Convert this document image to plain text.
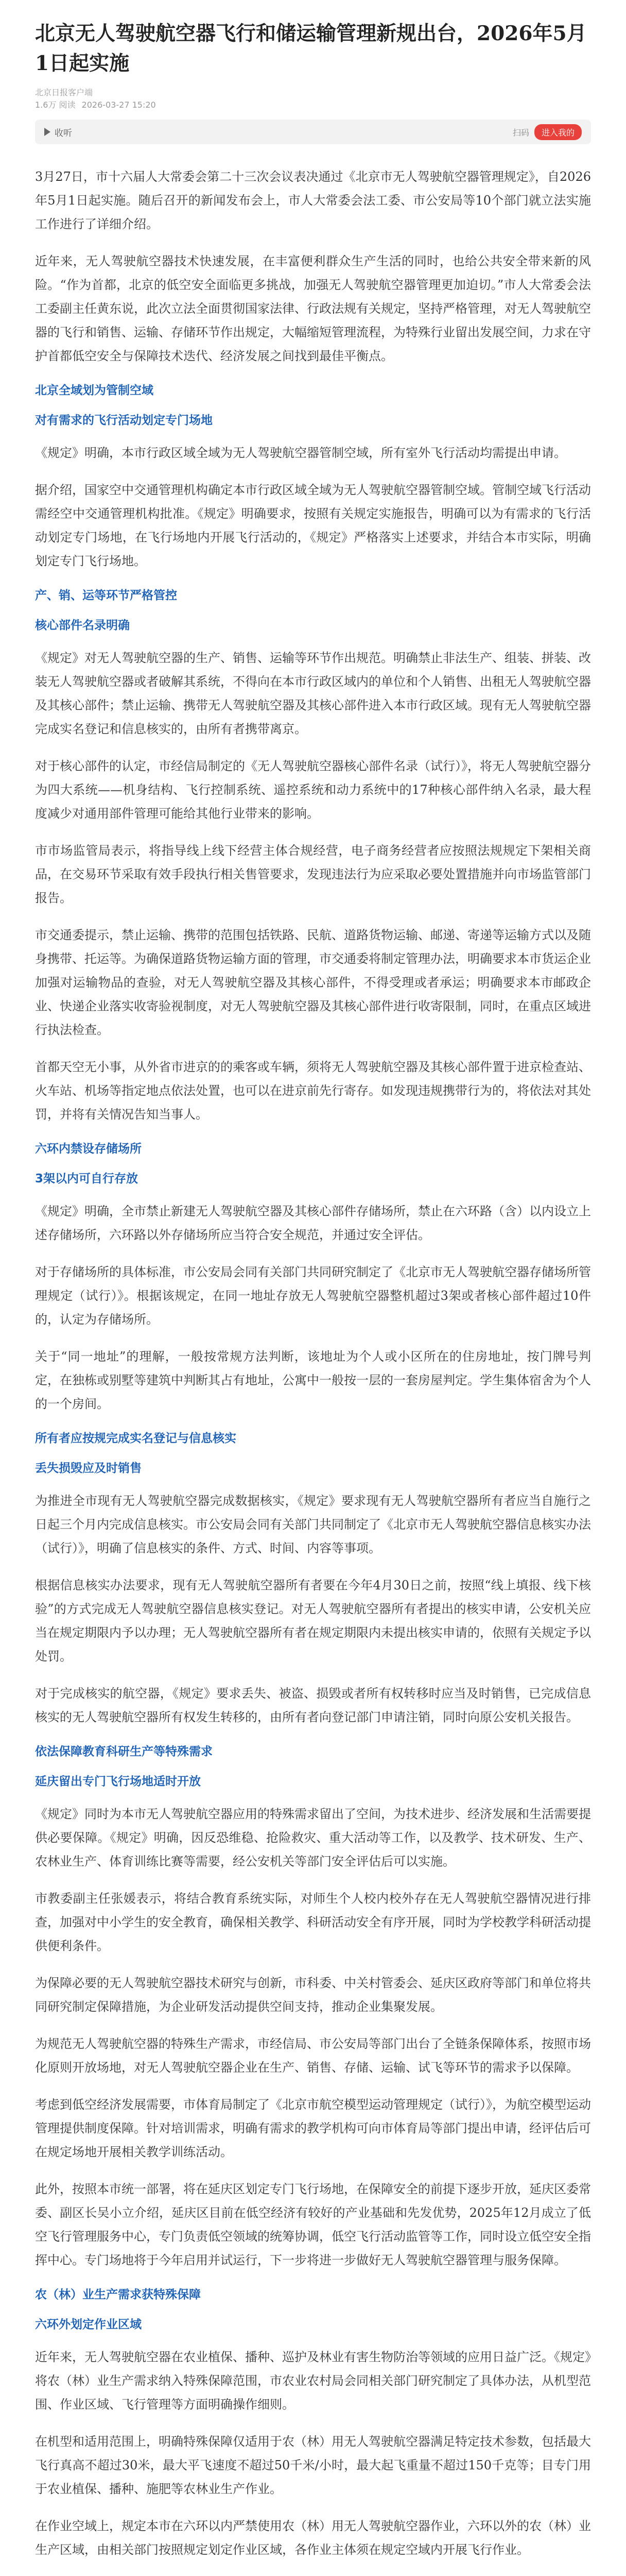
北京无人驾驶航空器飞行和储运输管理新规出台，2026年5月1日起实施
北京日报客户端
1.6万 阅读 2026-03-27 15:20
收听	扫码	进入我的

3月27日，市十六届人大常委会第二十三次会议表决通过《北京市无人驾驶航空器管理规定》，自2026年5月1日起实施。随后召开的新闻发布会上，市人大常委会法工委、市公安局等10个部门就立法实施工作进行了详细介绍。

近年来，无人驾驶航空器技术快速发展，在丰富便利群众生产生活的同时，也给公共安全带来新的风险。“作为首都，北京的低空安全面临更多挑战，加强无人驾驶航空器管理更加迫切。”市人大常委会法工委副主任黄东说，此次立法全面贯彻国家法律、行政法规有关规定，坚持严格管理，对无人驾驶航空器的飞行和销售、运输、存储环节作出规定，大幅缩短管理流程，为特殊行业留出发展空间，力求在守护首都低空安全与保障技术迭代、经济发展之间找到最佳平衡点。

北京全域划为管制空域
对有需求的飞行活动划定专门场地

《规定》明确，本市行政区域全域为无人驾驶航空器管制空域，所有室外飞行活动均需提出申请。

据介绍，国家空中交通管理机构确定本市行政区域全域为无人驾驶航空器管制空域。管制空域飞行活动需经空中交通管理机构批准。《规定》明确要求，按照有关规定实施报告，明确可以为有需求的飞行活动划定专门场地，在飞行场地内开展飞行活动的，《规定》严格落实上述要求，并结合本市实际，明确划定专门飞行场地。

产、销、运等环节严格管控
核心部件名录明确

《规定》对无人驾驶航空器的生产、销售、运输等环节作出规范。明确禁止非法生产、组装、拼装、改装无人驾驶航空器或者破解其系统，不得向在本市行政区域内的单位和个人销售、出租无人驾驶航空器及其核心部件；禁止运输、携带无人驾驶航空器及其核心部件进入本市行政区域。现有无人驾驶航空器完成实名登记和信息核实的，由所有者携带离京。

对于核心部件的认定，市经信局制定的《无人驾驶航空器核心部件名录（试行）》，将无人驾驶航空器分为四大系统——机身结构、飞行控制系统、遥控系统和动力系统中的17种核心部件纳入名录，最大程度减少对通用部件管理可能给其他行业带来的影响。

市市场监管局表示，将指导线上线下经营主体合规经营，电子商务经营者应按照法规规定下架相关商品，在交易环节采取有效手段执行相关售管要求，发现违法行为应采取必要处置措施并向市场监管部门报告。

市交通委提示，禁止运输、携带的范围包括铁路、民航、道路货物运输、邮递、寄递等运输方式以及随身携带、托运等。为确保道路货物运输方面的管理，市交通委将制定管理办法，明确要求本市货运企业加强对运输物品的查验，对无人驾驶航空器及其核心部件，不得受理或者承运；明确要求本市邮政企业、快递企业落实收寄验视制度，对无人驾驶航空器及其核心部件进行收寄限制，同时，在重点区域进行执法检查。

首都天空无小事，从外省市进京的的乘客或车辆，须将无人驾驶航空器及其核心部件置于进京检查站、火车站、机场等指定地点依法处置，也可以在进京前先行寄存。如发现违规携带行为的，将依法对其处罚，并将有关情况告知当事人。

六环内禁设存储场所
3架以内可自行存放

《规定》明确，全市禁止新建无人驾驶航空器及其核心部件存储场所，禁止在六环路（含）以内设立上述存储场所，六环路以外存储场所应当符合安全规范，并通过安全评估。

对于存储场所的具体标准，市公安局会同有关部门共同研究制定了《北京市无人驾驶航空器存储场所管理规定（试行）》。根据该规定，在同一地址存放无人驾驶航空器整机超过3架或者核心部件超过10件的，认定为存储场所。

关于“同一地址”的理解，一般按常规方法判断，该地址为个人或小区所在的住房地址，按门牌号判定，在独栋或别墅等建筑中判断其占有地址，公寓中一般按一层的一套房屋判定。学生集体宿舍为个人的一个房间。

所有者应按规完成实名登记与信息核实
丢失损毁应及时销售

为推进全市现有无人驾驶航空器完成数据核实，《规定》要求现有无人驾驶航空器所有者应当自施行之日起三个月内完成信息核实。市公安局会同有关部门共同制定了《北京市无人驾驶航空器信息核实办法（试行）》，明确了信息核实的条件、方式、时间、内容等事项。

根据信息核实办法要求，现有无人驾驶航空器所有者要在今年4月30日之前，按照“线上填报、线下核验”的方式完成无人驾驶航空器信息核实登记。对无人驾驶航空器所有者提出的核实申请，公安机关应当在规定期限内予以办理；无人驾驶航空器所有者在规定期限内未提出核实申请的，依照有关规定予以处罚。

对于完成核实的航空器，《规定》要求丢失、被盗、损毁或者所有权转移时应当及时销售，已完成信息核实的无人驾驶航空器所有权发生转移的，由所有者向登记部门申请注销，同时向原公安机关报告。

依法保障教育科研生产等特殊需求
延庆留出专门飞行场地适时开放

《规定》同时为本市无人驾驶航空器应用的特殊需求留出了空间，为技术进步、经济发展和生活需要提供必要保障。《规定》明确，因反恐维稳、抢险救灾、重大活动等工作，以及教学、技术研发、生产、农林业生产、体育训练比赛等需要，经公安机关等部门安全评估后可以实施。

市教委副主任张媛表示，将结合教育系统实际，对师生个人校内校外存在无人驾驶航空器情况进行排查，加强对中小学生的安全教育，确保相关教学、科研活动安全有序开展，同时为学校教学科研活动提供便利条件。

为保障必要的无人驾驶航空器技术研究与创新，市科委、中关村管委会、延庆区政府等部门和单位将共同研究制定保障措施，为企业研发活动提供空间支持，推动企业集聚发展。

为规范无人驾驶航空器的特殊生产需求，市经信局、市公安局等部门出台了全链条保障体系，按照市场化原则开放场地，对无人驾驶航空器企业在生产、销售、存储、运输、试飞等环节的需求予以保障。

考虑到低空经济发展需要，市体育局制定了《北京市航空模型运动管理规定（试行）》，为航空模型运动管理提供制度保障。针对培训需求，明确有需求的教学机构可向市体育局等部门提出申请，经评估后可在规定场地开展相关教学训练活动。

此外，按照本市统一部署，将在延庆区划定专门飞行场地，在保障安全的前提下逐步开放，延庆区委常委、副区长吴小立介绍，延庆区目前在低空经济有较好的产业基础和先发优势，2025年12月成立了低空飞行管理服务中心，专门负责低空领域的统筹协调，低空飞行活动监管等工作，同时设立低空安全指挥中心。专门场地将于今年启用并试运行，下一步将进一步做好无人驾驶航空器管理与服务保障。

农（林）业生产需求获特殊保障
六环外划定作业区域

近年来，无人驾驶航空器在农业植保、播种、巡护及林业有害生物防治等领域的应用日益广泛。《规定》将农（林）业生产需求纳入特殊保障范围，市农业农村局会同相关部门研究制定了具体办法，从机型范围、作业区域、飞行管理等方面明确操作细则。

在机型和适用范围上，明确特殊保障仅适用于农（林）用无人驾驶航空器满足特定技术参数，包括最大飞行真高不超过30米，最大平飞速度不超过50千米/小时，最大起飞重量不超过150千克等；目专门用于农业植保、播种、施肥等农林业生产作业。

在作业空域上，规定本市在六环以内严禁使用农（林）用无人驾驶航空器作业，六环以外的农（林）业生产区域，由相关部门按照规定划定作业区域，各作业主体须在规定空域内开展飞行作业。
